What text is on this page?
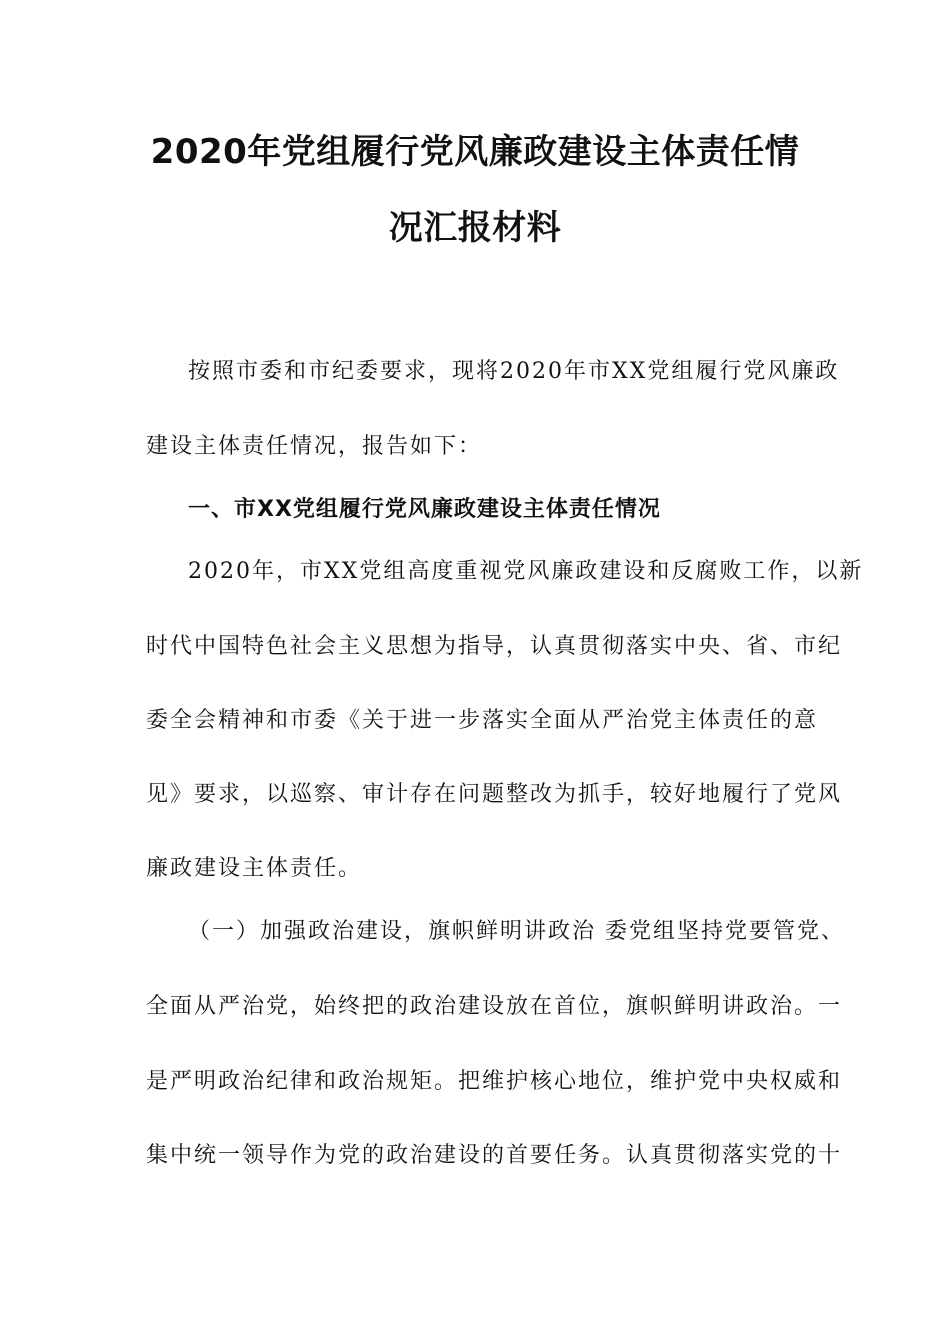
2020年党组履行党风廉政建设主体责任情
况汇报材料
按照市委和市纪委要求，现将2020年市XX党组履行党风廉政
建设主体责任情况，报告如下：
一、市XX党组履行党风廉政建设主体责任情况
2020年，市XX党组高度重视党风廉政建设和反腐败工作，以新
时代中国特色社会主义思想为指导，认真贯彻落实中央、省、市纪
委全会精神和市委《关于进一步落实全面从严治党主体责任的意
见》要求，以巡察、审计存在问题整改为抓手，较好地履行了党风
廉政建设主体责任。
（一）加强政治建设，旗帜鲜明讲政治 委党组坚持党要管党、
全面从严治党，始终把的政治建设放在首位，旗帜鲜明讲政治。一
是严明政治纪律和政治规矩。把维护核心地位，维护党中央权威和
集中统一领导作为党的政治建设的首要任务。认真贯彻落实党的十
